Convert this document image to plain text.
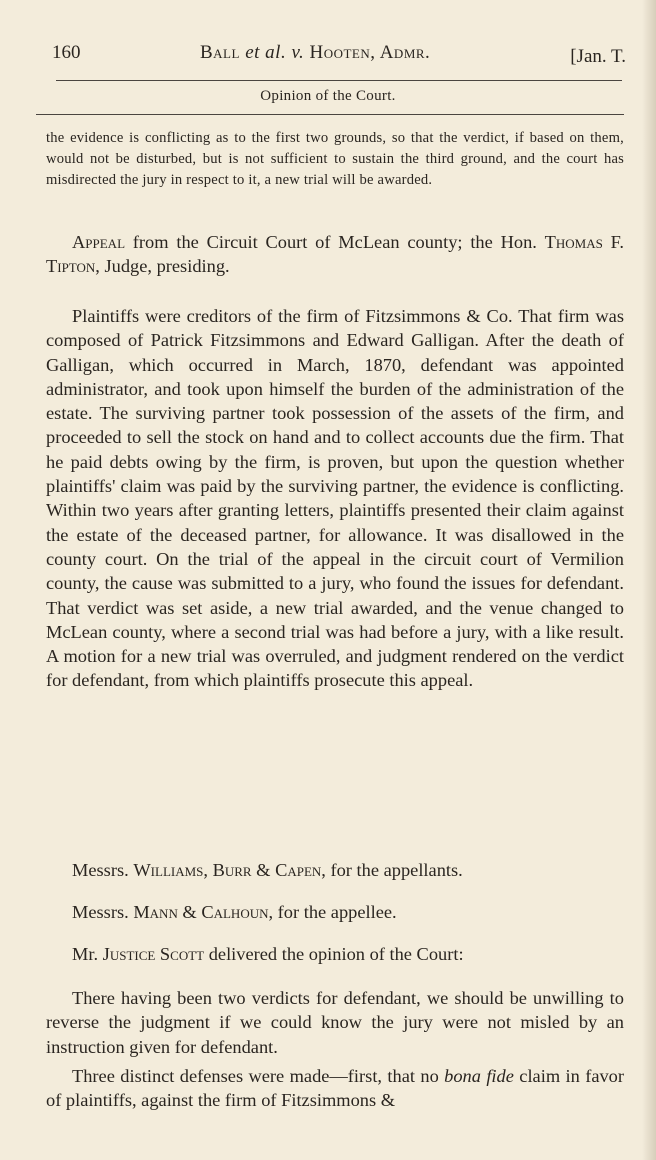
160	Ball et al. v. Hooten, Admr.	[Jan. T.
Opinion of the Court.
the evidence is conflicting as to the first two grounds, so that the verdict, if based on them, would not be disturbed, but is not sufficient to sustain the third ground, and the court has misdirected the jury in respect to it, a new trial will be awarded.
Appeal from the Circuit Court of McLean county; the Hon. Thomas F. Tipton, Judge, presiding.
Plaintiffs were creditors of the firm of Fitzsimmons & Co. That firm was composed of Patrick Fitzsimmons and Edward Galligan. After the death of Galligan, which occurred in March, 1870, defendant was appointed administrator, and took upon himself the burden of the administration of the estate. The surviving partner took possession of the assets of the firm, and proceeded to sell the stock on hand and to collect accounts due the firm. That he paid debts owing by the firm, is proven, but upon the question whether plaintiffs' claim was paid by the surviving partner, the evidence is conflicting. Within two years after granting letters, plaintiffs presented their claim against the estate of the deceased partner, for allowance. It was disallowed in the county court. On the trial of the appeal in the circuit court of Vermilion county, the cause was submitted to a jury, who found the issues for defendant. That verdict was set aside, a new trial awarded, and the venue changed to McLean county, where a second trial was had before a jury, with a like result. A motion for a new trial was overruled, and judgment rendered on the verdict for defendant, from which plaintiffs prosecute this appeal.
Messrs. Williams, Burr & Capen, for the appellants.
Messrs. Mann & Calhoun, for the appellee.
Mr. Justice Scott delivered the opinion of the Court:
There having been two verdicts for defendant, we should be unwilling to reverse the judgment if we could know the jury were not misled by an instruction given for defendant.
Three distinct defenses were made—first, that no bona fide claim in favor of plaintiffs, against the firm of Fitzsimmons &
